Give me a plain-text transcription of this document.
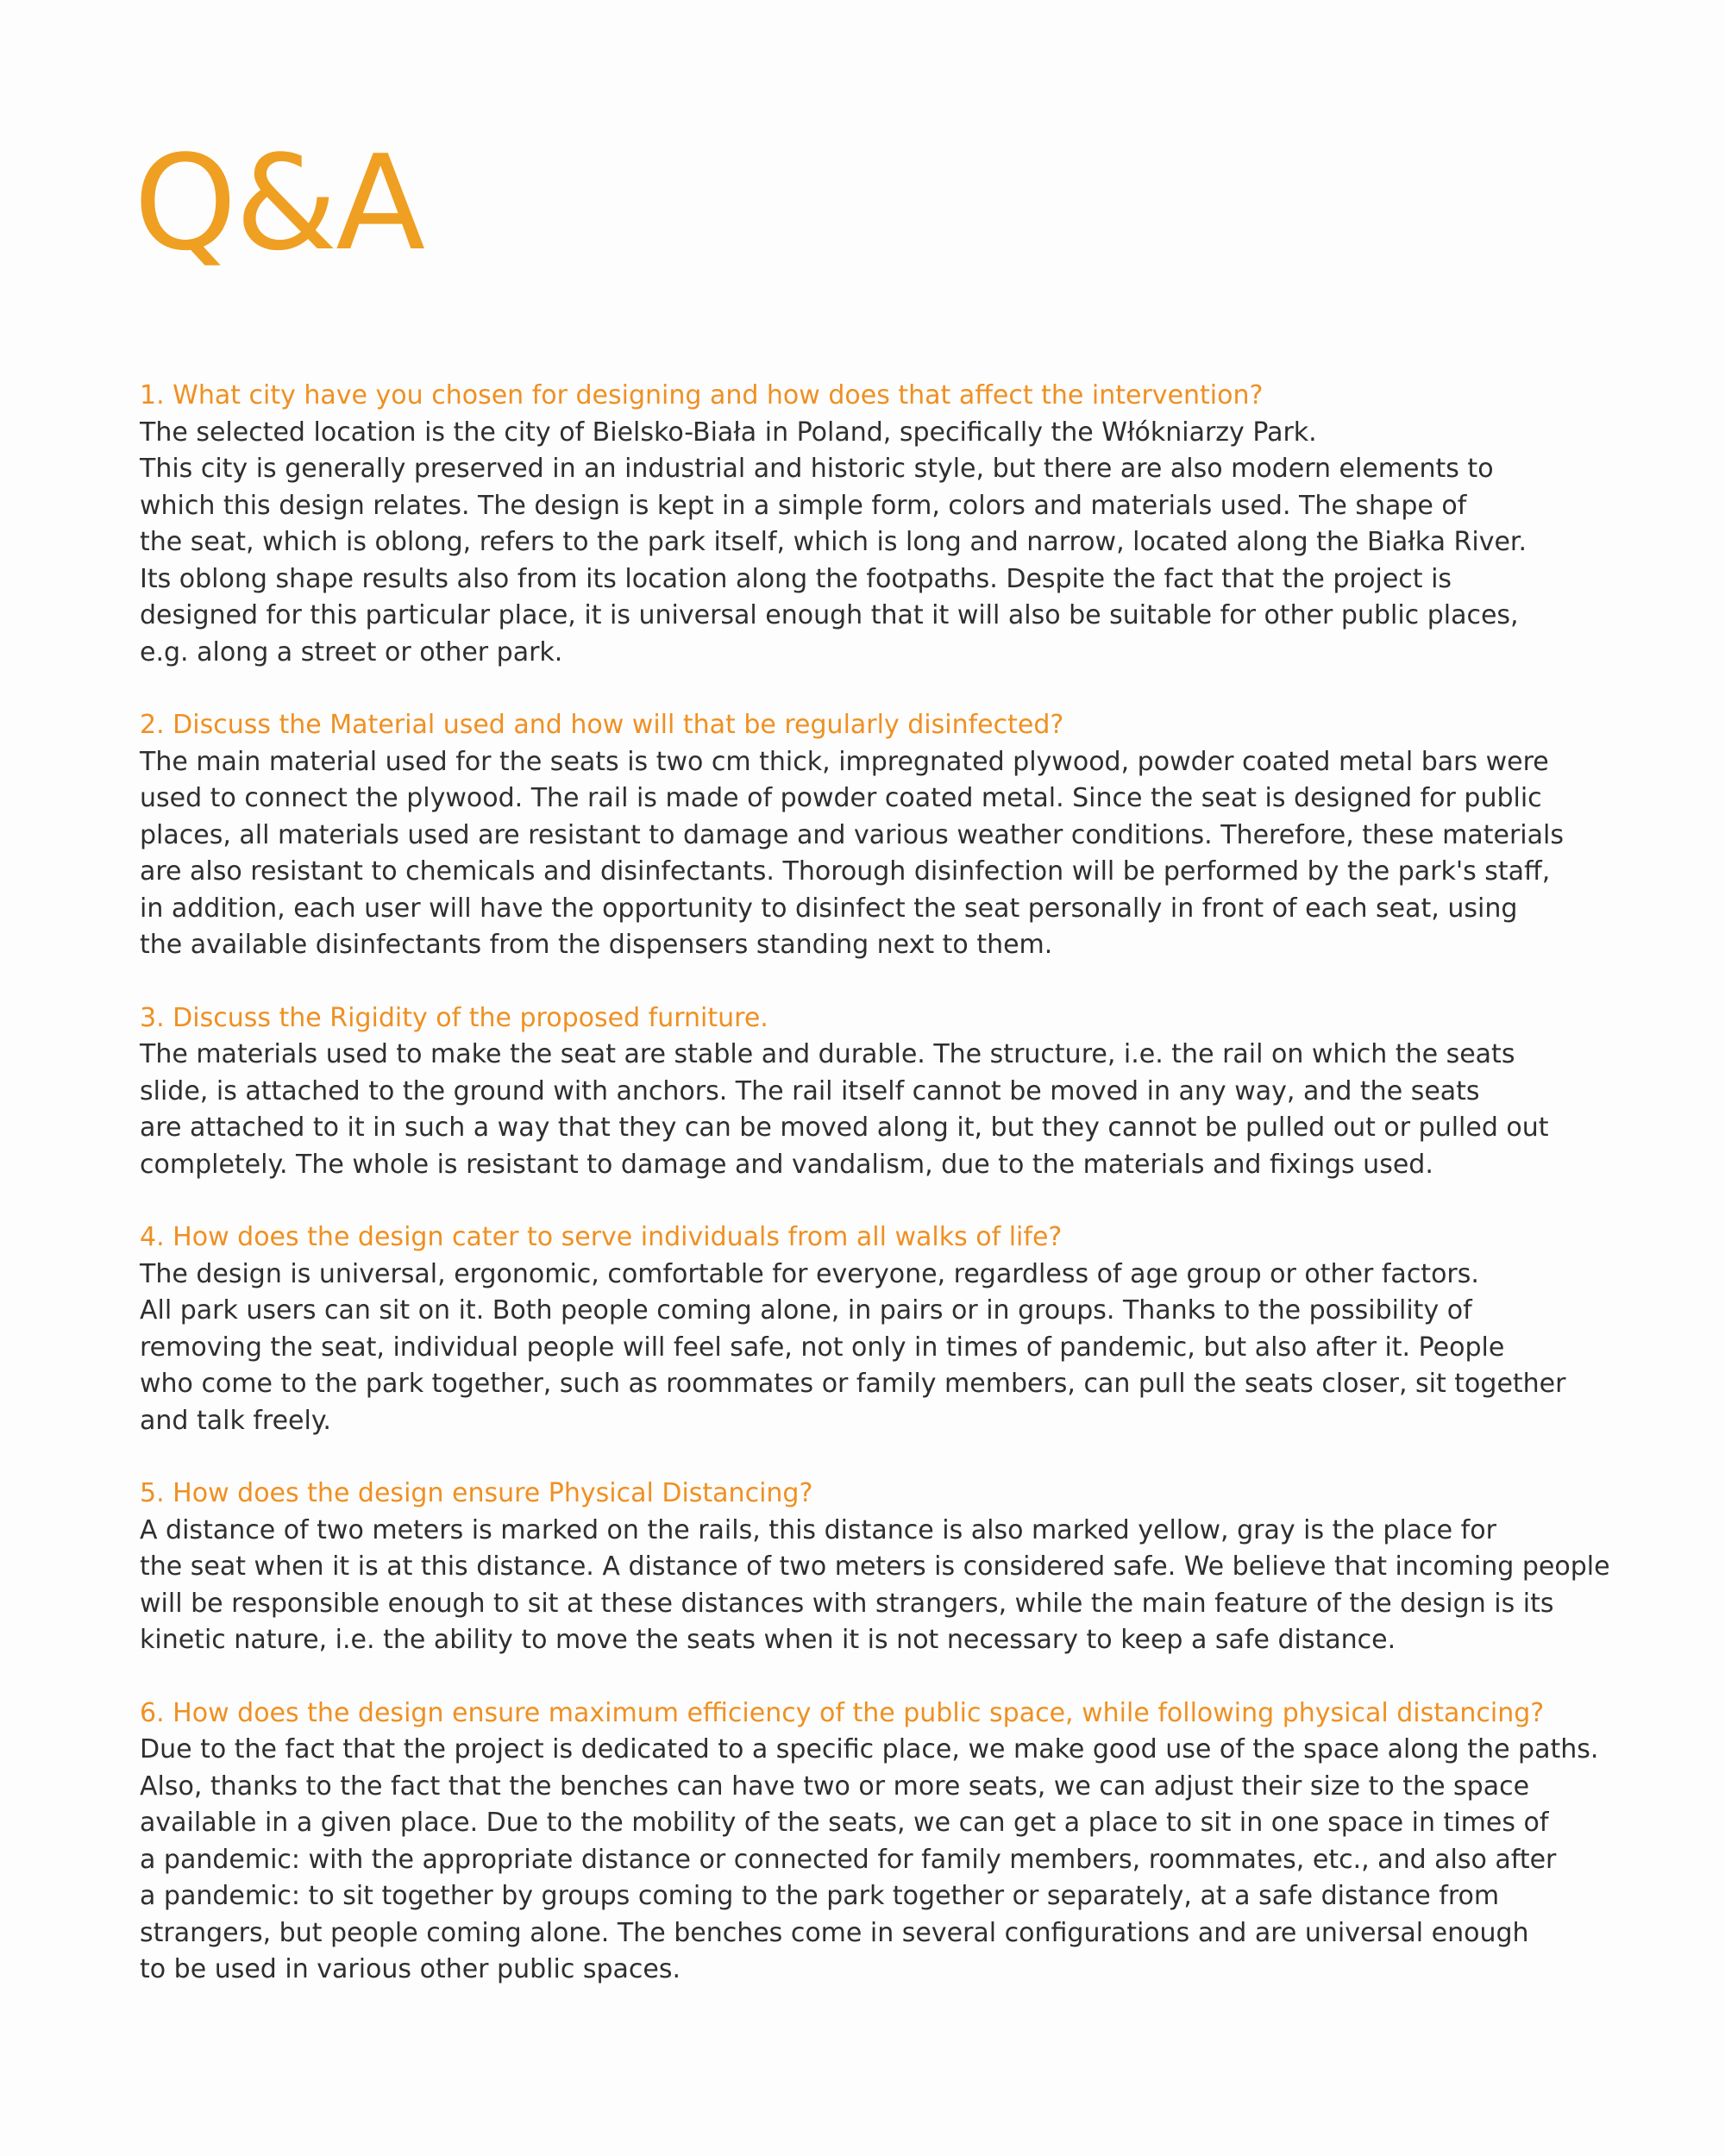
Q&A

1. What city have you chosen for designing and how does that affect the intervention?

The selected location is the city of Bielsko-Biała in Poland, specifically the Włókniarzy Park.
This city is generally preserved in an industrial and historic style, but there are also modern elements to
which this design relates. The design is kept in a simple form, colors and materials used. The shape of
the seat, which is oblong, refers to the park itself, which is long and narrow, located along the Białka River.
Its oblong shape results also from its location along the footpaths. Despite the fact that the project is
designed for this particular place, it is universal enough that it will also be suitable for other public places,
e.g. along a street or other park.

2. Discuss the Material used and how will that be regularly disinfected?

The main material used for the seats is two cm thick, impregnated plywood, powder coated metal bars were
used to connect the plywood. The rail is made of powder coated metal. Since the seat is designed for public
places, all materials used are resistant to damage and various weather conditions. Therefore, these materials
are also resistant to chemicals and disinfectants. Thorough disinfection will be performed by the park's staff,
in addition, each user will have the opportunity to disinfect the seat personally in front of each seat, using
the available disinfectants from the dispensers standing next to them.

3. Discuss the Rigidity of the proposed furniture.

The materials used to make the seat are stable and durable. The structure, i.e. the rail on which the seats
slide, is attached to the ground with anchors. The rail itself cannot be moved in any way, and the seats
are attached to it in such a way that they can be moved along it, but they cannot be pulled out or pulled out
completely. The whole is resistant to damage and vandalism, due to the materials and fixings used.

4. How does the design cater to serve individuals from all walks of life?

The design is universal, ergonomic, comfortable for everyone, regardless of age group or other factors.
All park users can sit on it. Both people coming alone, in pairs or in groups. Thanks to the possibility of
removing the seat, individual people will feel safe, not only in times of pandemic, but also after it. People
who come to the park together, such as roommates or family members, can pull the seats closer, sit together
and talk freely.

5. How does the design ensure Physical Distancing?

A distance of two meters is marked on the rails, this distance is also marked yellow, gray is the place for
the seat when it is at this distance. A distance of two meters is considered safe. We believe that incoming people
will be responsible enough to sit at these distances with strangers, while the main feature of the design is its
kinetic nature, i.e. the ability to move the seats when it is not necessary to keep a safe distance.

6. How does the design ensure maximum efficiency of the public space, while following physical distancing?

Due to the fact that the project is dedicated to a specific place, we make good use of the space along the paths.
Also, thanks to the fact that the benches can have two or more seats, we can adjust their size to the space
available in a given place. Due to the mobility of the seats, we can get a place to sit in one space in times of
a pandemic: with the appropriate distance or connected for family members, roommates, etc., and also after
a pandemic: to sit together by groups coming to the park together or separately, at a safe distance from
strangers, but people coming alone. The benches come in several configurations and are universal enough
to be used in various other public spaces.
